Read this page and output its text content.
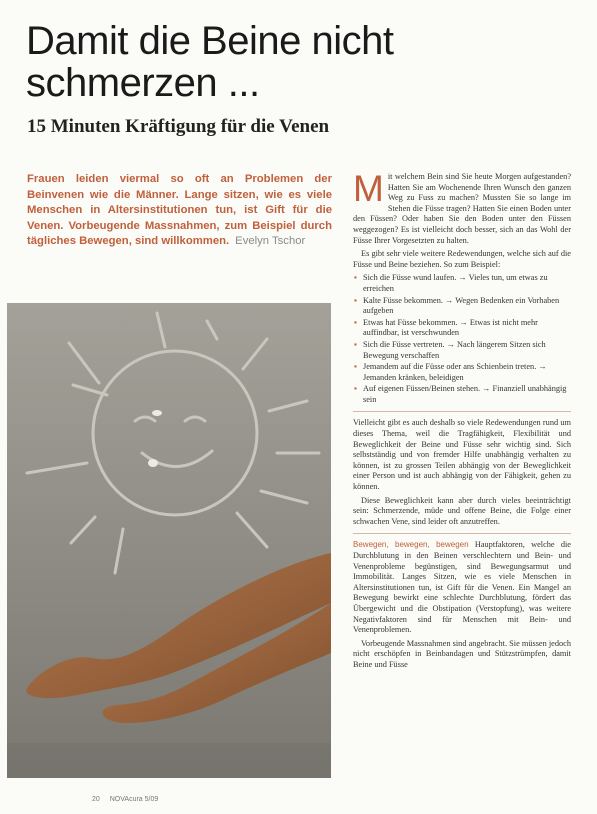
Damit die Beine nicht schmerzen ...
15 Minuten Kräftigung für die Venen

Frauen leiden viermal so oft an Problemen der Beinvenen wie die Männer. Lange sitzen, wie es viele Menschen in Altersinstitutionen tun, ist Gift für die Venen. Vorbeugende Massnahmen, zum Beispiel durch tägliches Bewegen, sind willkommen. Evelyn Tschor

Mit welchem Bein sind Sie heute Morgen aufgestanden? Hatten Sie am Wochenende Ihren Wunsch den ganzen Weg zu Fuss zu machen? Mussten Sie so lange im Stehen die Füsse tragen? Hatten Sie einen Boden unter den Füssen? Oder haben Sie den Boden unter den Füssen weggezogen? Es ist vielleicht doch besser, sich an das Wohl der Füsse Ihrer Vorgesetzten zu halten.

Es gibt sehr viele weitere Redewendungen, welche sich auf die Füsse und Beine beziehen. So zum Beispiel:

▪ Sich die Füsse wund laufen. → Vieles tun, um etwas zu erreichen
▪ Kalte Füsse bekommen. → Wegen Bedenken ein Vorhaben aufgeben
▪ Etwas hat Füsse bekommen. → Etwas ist nicht mehr auffindbar, ist verschwunden
▪ Sich die Füsse vertreten. → Nach längerem Sitzen sich Bewegung verschaffen
▪ Jemandem auf die Füsse oder ans Schienbein treten. → Jemanden kränken, beleidigen
▪ Auf eigenen Füssen/Beinen stehen. → Finanziell unabhängig sein

Vielleicht gibt es auch deshalb so viele Redewendungen rund um dieses Thema, weil die Tragfähigkeit, Flexibilität und Beweglichkeit der Beine und Füsse sehr wichtig sind. Sich selbstständig und von fremder Hilfe unabhängig verhalten zu können, ist zu grossen Teilen abhängig von der Beweglichkeit einer Person und ist auch abhängig von der Fähigkeit, gehen zu können.

Diese Beweglichkeit kann aber durch vieles beeinträchtigt sein: Schmerzende, müde und offene Beine, die Folge einer schwachen Vene, sind leider oft anzutreffen.

Bewegen, bewegen, bewegen Hauptfaktoren, welche die Durchblutung in den Beinen verschlechtern und Bein- und Venenprobleme begünstigen, sind Bewegungsarmut und Immobilität. Langes Sitzen, wie es viele Menschen in Altersinstitutionen tun, ist Gift für die Venen. Ein Mangel an Bewegung bewirkt eine schlechte Durchblutung, fördert das Übergewicht und die Obstipation (Verstopfung), was weitere Negativfaktoren sind für Menschen mit Bein- und Venenproblemen.

Vorbeugende Massnahmen sind angebracht. Sie müssen jedoch nicht erschöpfen in Beinbandagen und Stützstrümpfen, damit Beine und Füsse

20 NOVAcura 5/09
